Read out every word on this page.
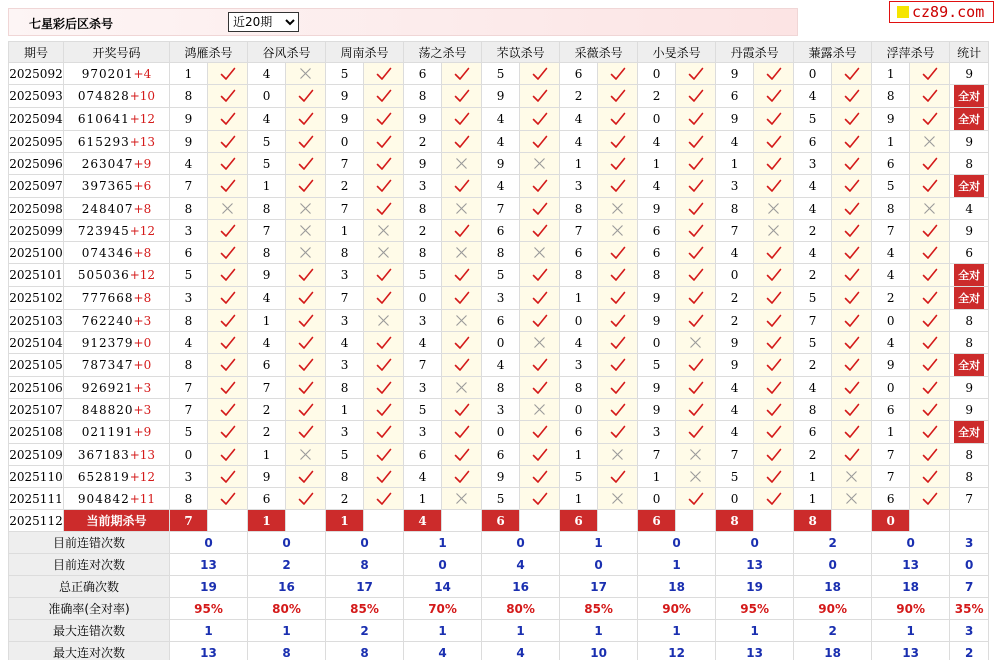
七星彩后区杀号
近20期
cz89.com
期号	开奖号码	鸿雁杀号		谷风杀号		周南杀号		荡之杀号		芣苡杀号		采薇杀号		小旻杀号		丹霞杀号		蒹露杀号		浮萍杀号		统计
2025092	970201+4	1		4		5		6		5		6		0		9		0		1		9
2025093	074828+10	8		0		9		8		9		2		2		6		4		8		全对
2025094	610641+12	9		4		9		9		4		4		0		9		5		9		全对
2025095	615293+13	9		5		0		2		4		4		4		4		6		1		9
2025096	263047+9	4		5		7		9		9		1		1		1		3		6		8
2025097	397365+6	7		1		2		3		4		3		4		3		4		5		全对
2025098	248407+8	8		8		7		8		7		8		9		8		4		8		4
2025099	723945+12	3		7		1		2		6		7		6		7		2		7		9
2025100	074346+8	6		8		8		8		8		6		6		4		4		4		6
2025101	505036+12	5		9		3		5		5		8		8		0		2		4		全对
2025102	777668+8	3		4		7		0		3		1		9		2		5		2		全对
2025103	762240+3	8		1		3		3		6		0		9		2		7		0		8
2025104	912379+0	4		4		4		4		0		4		0		9		5		4		8
2025105	787347+0	8		6		3		7		4		3		5		9		2		9		全对
2025106	926921+3	7		7		8		3		8		8		9		4		4		0		9
2025107	848820+3	7		2		1		5		3		0		9		4		8		6		9
2025108	021191+9	5		2		3		3		0		6		3		4		6		1		全对
2025109	367183+13	0		1		5		6		6		1		7		7		2		7		8
2025110	652819+12	3		9		8		4		9		5		1		5		1		7		8
2025111	904842+11	8		6		2		1		5		1		0		0		1		6		7
2025112	当前期杀号	7		1		1		4		6		6		6		8		8		0		
目前连错次数		0		0		0		1		0		1		0		0		2		0		3
目前连对次数		13		2		8		0		4		0		1		13		0		13		0
总正确次数		19		16		17		14		16		17		18		19		18		18		7
准确率(全对率)		95%		80%		85%		70%		80%		85%		90%		95%		90%		90%		35%
最大连错次数		1		1		2		1		1		1		1		1		2		1		3
最大连对次数		13		8		8		4		4		10		12		13		18		13		2
